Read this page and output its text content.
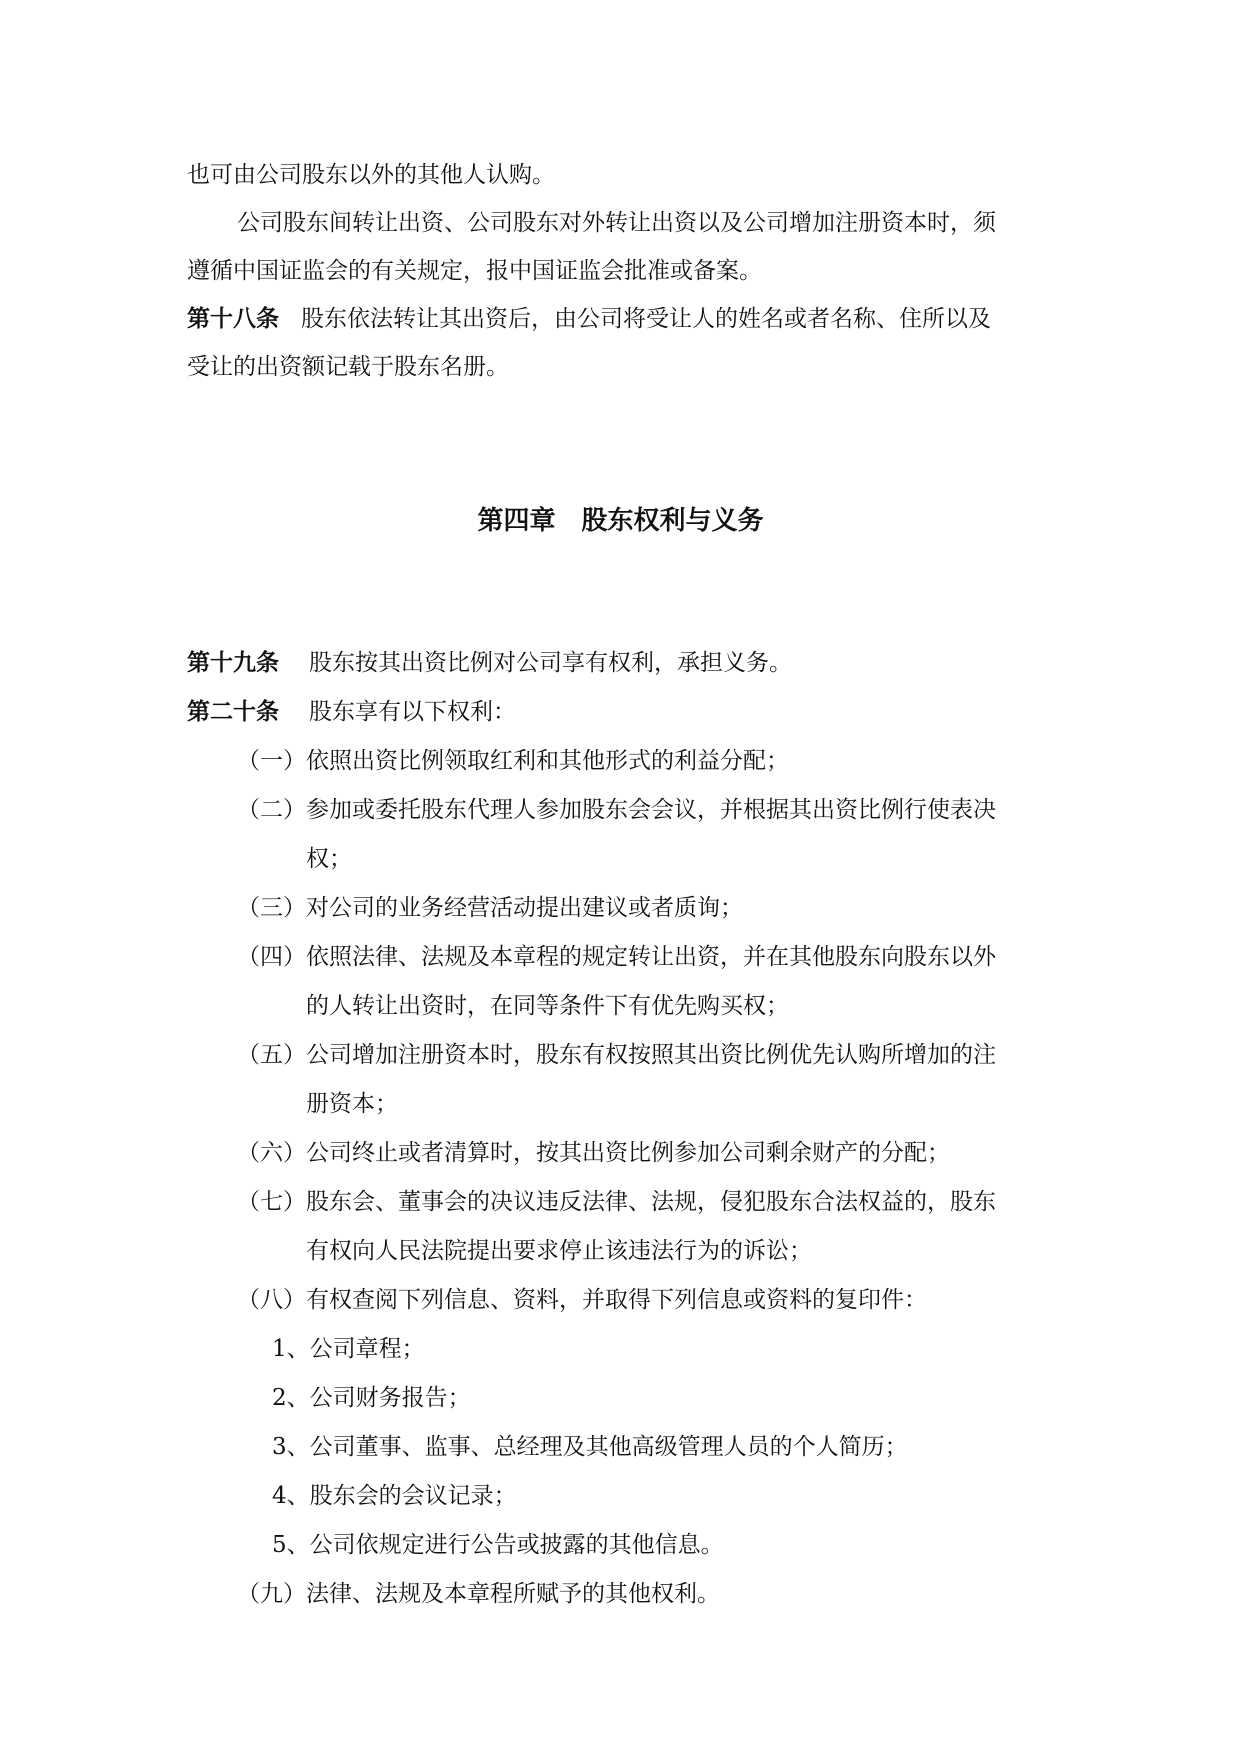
也可由公司股东以外的其他人认购。
公司股东间转让出资、公司股东对外转让出资以及公司增加注册资本时，须
遵循中国证监会的有关规定，报中国证监会批准或备案。
第十八条 股东依法转让其出资后，由公司将受让人的姓名或者名称、住所以及
受让的出资额记载于股东名册。
第四章　股东权利与义务
第十九条 股东按其出资比例对公司享有权利，承担义务。
第二十条 股东享有以下权利：
（一）依照出资比例领取红利和其他形式的利益分配；
（二）参加或委托股东代理人参加股东会会议，并根据其出资比例行使表决
权；
（三）对公司的业务经营活动提出建议或者质询；
（四）依照法律、法规及本章程的规定转让出资，并在其他股东向股东以外
的人转让出资时，在同等条件下有优先购买权；
（五）公司增加注册资本时，股东有权按照其出资比例优先认购所增加的注
册资本；
（六）公司终止或者清算时，按其出资比例参加公司剩余财产的分配；
（七）股东会、董事会的决议违反法律、法规，侵犯股东合法权益的，股东
有权向人民法院提出要求停止该违法行为的诉讼；
（八）有权查阅下列信息、资料，并取得下列信息或资料的复印件：
1、公司章程；
2、公司财务报告；
3、公司董事、监事、总经理及其他高级管理人员的个人简历；
4、股东会的会议记录；
5、公司依规定进行公告或披露的其他信息。
（九）法律、法规及本章程所赋予的其他权利。
